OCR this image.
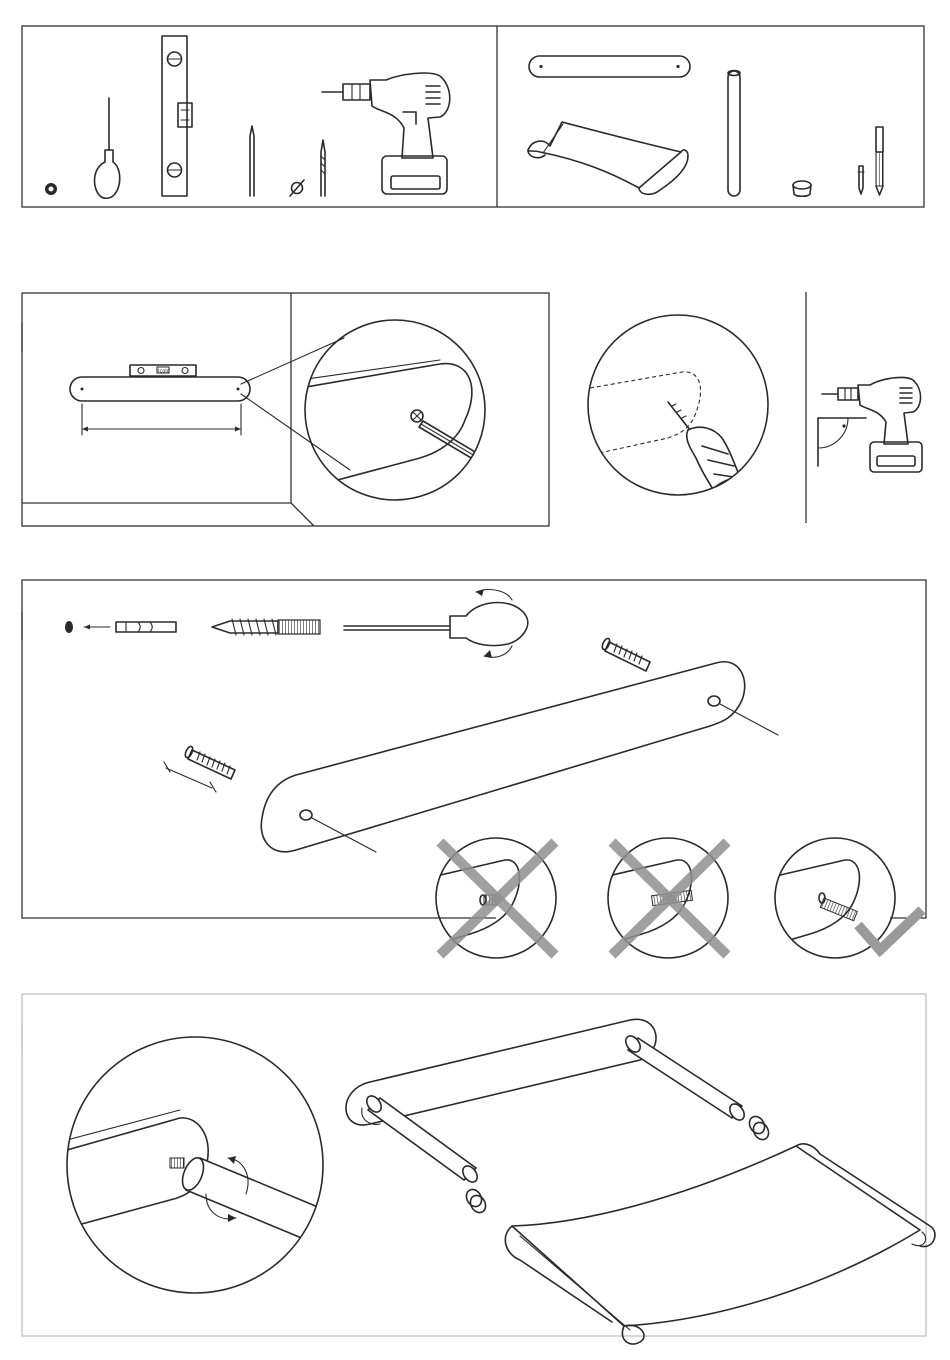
Icolo
